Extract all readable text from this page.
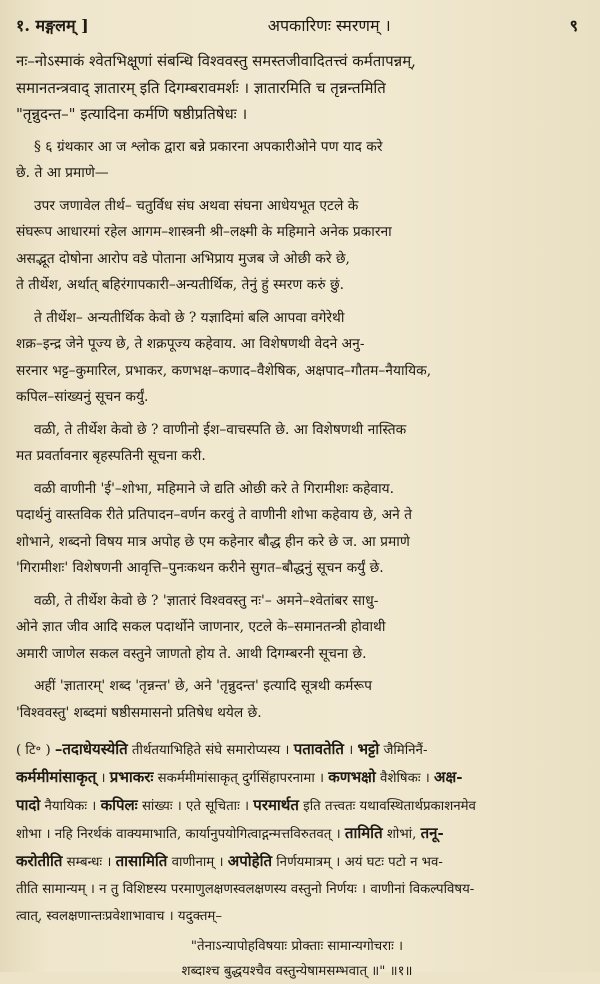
१. मङ्गलम् ]	अपकारिणः स्मरणम् ।	९
नः–नोऽस्माकं श्वेतभिक्षूणां संबन्धि विश्ववस्तु समस्तजीवादितत्त्वं कर्मतापन्नम्,
समानतन्त्रवाद् ज्ञातारम् इति दिगम्बरावमर्शः । ज्ञातारमिति च तृन्नन्तमिति
"तृन्नुदन्त–" इत्यादिना कर्मणि षष्ठीप्रतिषेधः ।
§ ६ ग्रंथकार आ ज श्लोक द्वारा बन्ने प्रकारना अपकारीओने पण याद करे
छे. ते आ प्रमाणे—
उपर जणावेल तीर्थ– चतुर्विध संघ अथवा संघना आधेयभूत एटले के
संघरूप आधारमां रहेल आगम–शास्त्रनी श्री–लक्ष्मी के महिमाने अनेक प्रकारना
असद्भूत दोषोना आरोप वडे पोताना अभिप्राय मुजब जे ओछी करे छे,
ते तीर्थेश, अर्थात् बहिरंगापकारी–अन्यतीर्थिक, तेनुं हुं स्मरण करुं छुं.
ते तीर्थेश– अन्यतीर्थिक केवो छे ? यज्ञादिमां बलि आपवा वगेरेथी
शक्र–इन्द्र जेने पूज्य छे, ते शक्रपूज्य कहेवाय. आ विशेषणथी वेदने अनु-
सरनार भट्ट–कुमारिल, प्रभाकर, कणभक्ष–कणाद–वैशेषिक, अक्षपाद–गौतम–नैयायिक,
कपिल–सांख्यनुं सूचन कर्युं.
वळी, ते तीर्थेश केवो छे ? वाणीनो ईश–वाचस्पति छे. आ विशेषणथी नास्तिक
मत प्रवर्तावनार बृहस्पतिनी सूचना करी.
वळी वाणीनी 'ई'–शोभा, महिमाने जे द्यति ओछी करे ते गिरामीशः कहेवाय.
पदार्थनुं वास्तविक रीते प्रतिपादन–वर्णन करवुं ते वाणीनी शोभा कहेवाय छे, अने ते
शोभाने, शब्दनो विषय मात्र अपोह छे एम कहेनार बौद्ध हीन करे छे ज. आ प्रमाणे
'गिरामीशः' विशेषणनी आवृत्ति–पुनःकथन करीने सुगत–बौद्धनुं सूचन कर्युं छे.
वळी, ते तीर्थेश केवो छे ? 'ज्ञातारं विश्ववस्तु नः'– अमने–श्वेतांबर साधु-
ओने ज्ञात जीव आदि सकल पदार्थोने जाणनार, एटले के–समानतन्त्री होवाथी
अमारी जाणेल सकल वस्तुने जाणतो होय ते. आथी दिगम्बरनी सूचना छे.
अहीं 'ज्ञातारम्' शब्द 'तृन्नन्त' छे, अने 'तृन्नुदन्त' इत्यादि सूत्रथी कर्मरूप
'विश्ववस्तु' शब्दमां षष्ठीसमासनो प्रतिषेध थयेल छे.
( टि॰ ) –तदाधेयस्येति तीर्थतयाभिहिते संघे समारोप्यस्य । पतावतेति । भट्टो जैमिनिनैं-
कर्ममीमांसाकृत् । प्रभाकरः सकर्ममीमांसाकृत् दुर्गसिंहापरनामा । कणभक्षो वैशेषिकः । अक्ष-
पादो नैयायिकः । कपिलः सांख्यः । एते सूचिताः । परमार्थत इति तत्त्वतः यथावस्थितार्थप्रकाशनमेव
शोभा । नहि निरर्थकं वाक्यमाभाति, कार्यानुपयोगित्वाद्गन्मत्तविरुतवत् । तामिति शोभां, तनू-
करोतीति सम्बन्धः । तासामिति वाणीनाम् । अपोहेति निर्णयमात्रम् । अयं घटः पटो न भव-
तीति सामान्यम् । न तु विशिष्टस्य परमाणुलक्षणस्वलक्षणस्य वस्तुनो निर्णयः । वाणीनां विकल्पविषय-
त्वात्, स्वलक्षणान्तःप्रवेशाभावाच । यदुक्तम्–
"तेनाऽन्यापोहविषयाः प्रोक्ताः सामान्यगोचराः ।
शब्दाश्च बुद्धयश्चैव वस्तुन्येषामसम्भवात् ॥" ॥१॥
